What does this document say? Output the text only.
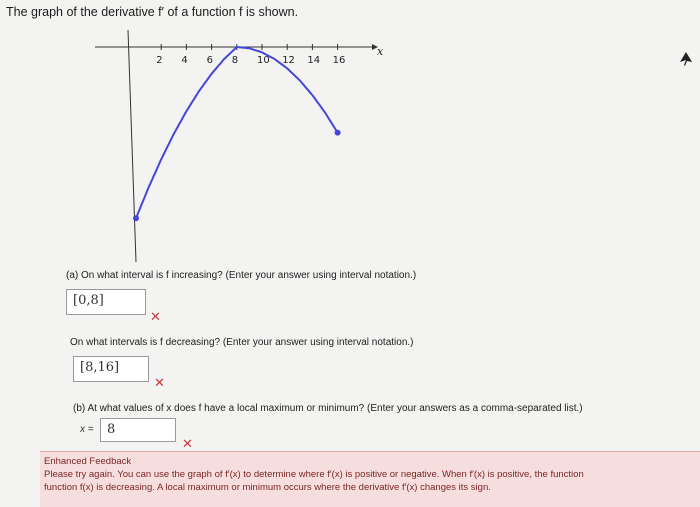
The graph of the derivative f′ of a function f is shown.
2 4 6 8 10 12 14 16
x
(a) On what interval is f increasing? (Enter your answer using interval notation.)
[0,8]
✕
On what intervals is f decreasing? (Enter your answer using interval notation.)
[8,16]
✕
(b) At what values of x does f have a local maximum or minimum? (Enter your answers as a comma-separated list.)
x =	8
✕
Enhanced Feedback
Please try again. You can use the graph of f′(x) to determine where f′(x) is positive or negative. When f′(x) is positive, the function
function f(x) is decreasing. A local maximum or minimum occurs where the derivative f′(x) changes its sign.
